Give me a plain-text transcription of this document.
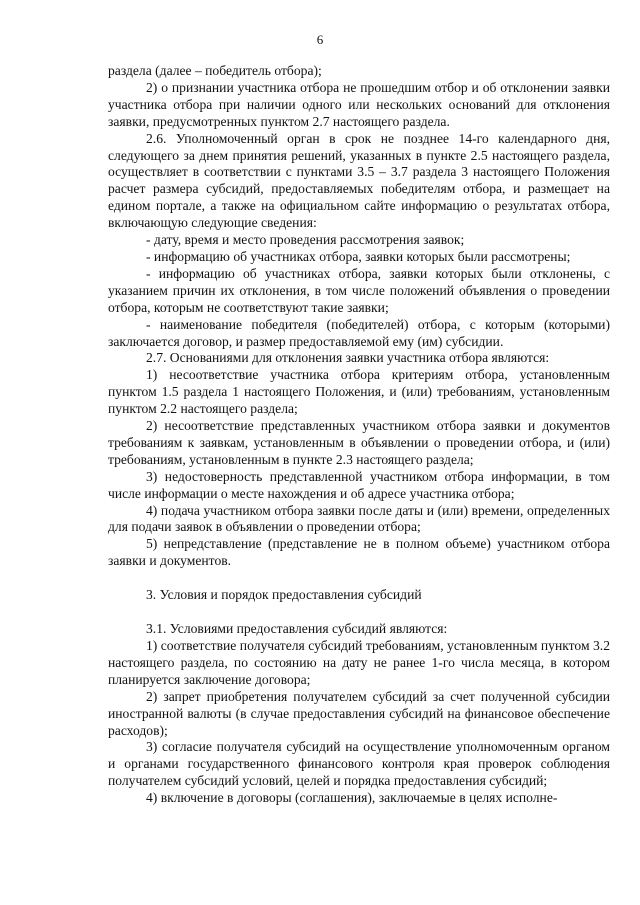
6

раздела (далее – победитель отбора);

2) о признании участника отбора не прошедшим отбор и об отклонении заявки участника отбора при наличии одного или нескольких оснований для отклонения заявки, предусмотренных пунктом 2.7 настоящего раздела.

2.6. Уполномоченный орган в срок не позднее 14-го календарного дня, следующего за днем принятия решений, указанных в пункте 2.5 настоящего раздела, осуществляет в соответствии с пунктами 3.5 – 3.7 раздела 3 настоящего Положения расчет размера субсидий, предоставляемых победителям отбора, и размещает на едином портале, а также на официальном сайте информацию о результатах отбора, включающую следующие сведения:

- дату, время и место проведения рассмотрения заявок;

- информацию об участниках отбора, заявки которых были рассмотрены;

- информацию об участниках отбора, заявки которых были отклонены, с указанием причин их отклонения, в том числе положений объявления о проведении отбора, которым не соответствуют такие заявки;

- наименование победителя (победителей) отбора, с которым (которыми) заключается договор, и размер предоставляемой ему (им) субсидии.

2.7. Основаниями для отклонения заявки участника отбора являются:

1) несоответствие участника отбора критериям отбора, установленным пунктом 1.5 раздела 1 настоящего Положения, и (или) требованиям, установленным пунктом 2.2 настоящего раздела;

2) несоответствие представленных участником отбора заявки и документов требованиям к заявкам, установленным в объявлении о проведении отбора, и (или) требованиям, установленным в пункте 2.3 настоящего раздела;

3) недостоверность представленной участником отбора информации, в том числе информации о месте нахождения и об адресе участника отбора;

4) подача участником отбора заявки после даты и (или) времени, определенных для подачи заявок в объявлении о проведении отбора;

5) непредставление (представление не в полном объеме) участником отбора заявки и документов.

3. Условия и порядок предоставления субсидий

3.1. Условиями предоставления субсидий являются:

1) соответствие получателя субсидий требованиям, установленным пунктом 3.2 настоящего раздела, по состоянию на дату не ранее 1-го числа месяца, в котором планируется заключение договора;

2) запрет приобретения получателем субсидий за счет полученной субсидии иностранной валюты (в случае предоставления субсидий на финансовое обеспечение расходов);

3) согласие получателя субсидий на осуществление уполномоченным органом и органами государственного финансового контроля края проверок соблюдения получателем субсидий условий, целей и порядка предоставления субсидий;

4) включение в договоры (соглашения), заключаемые в целях исполне-
